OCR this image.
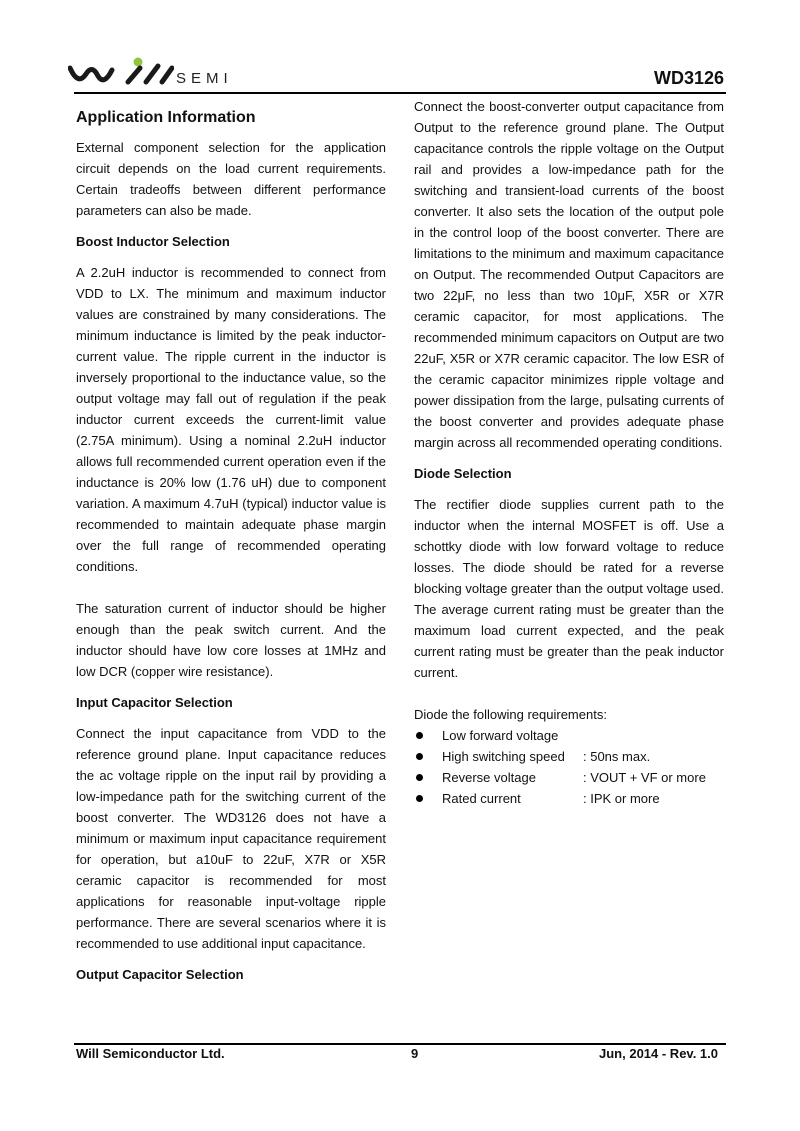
SEMI	WD3126
Application Information

External component selection for the application circuit depends on the load current requirements. Certain tradeoffs between different performance parameters can also be made.

Boost Inductor Selection

A 2.2uH inductor is recommended to connect from VDD to LX. The minimum and maximum inductor values are constrained by many considerations. The minimum inductance is limited by the peak inductor-current value. The ripple current in the inductor is inversely proportional to the inductance value, so the output voltage may fall out of regulation if the peak inductor current exceeds the current-limit value (2.75A minimum). Using a nominal 2.2uH inductor allows full recommended current operation even if the inductance is 20% low (1.76 uH) due to component variation. A maximum 4.7uH (typical) inductor value is recommended to maintain adequate phase margin over the full range of recommended operating conditions.

The saturation current of inductor should be higher enough than the peak switch current. And the inductor should have low core losses at 1MHz and low DCR (copper wire resistance).

Input Capacitor Selection

Connect the input capacitance from VDD to the reference ground plane. Input capacitance reduces the ac voltage ripple on the input rail by providing a low-impedance path for the switching current of the boost converter. The WD3126 does not have a minimum or maximum input capacitance requirement for operation, but a10uF to 22uF, X7R or X5R ceramic capacitor is recommended for most applications for reasonable input-voltage ripple performance. There are several scenarios where it is recommended to use additional input capacitance.

Output Capacitor Selection

Connect the boost-converter output capacitance from Output to the reference ground plane. The Output capacitance controls the ripple voltage on the Output rail and provides a low-impedance path for the switching and transient-load currents of the boost converter. It also sets the location of the output pole in the control loop of the boost converter. There are limitations to the minimum and maximum capacitance on Output. The recommended Output Capacitors are two 22μF, no less than two 10μF, X5R or X7R ceramic capacitor, for most applications. The recommended minimum capacitors on Output are two 22uF, X5R or X7R ceramic capacitor. The low ESR of the ceramic capacitor minimizes ripple voltage and power dissipation from the large, pulsating currents of the boost converter and provides adequate phase margin across all recommended operating conditions.

Diode Selection

The rectifier diode supplies current path to the inductor when the internal MOSFET is off. Use a schottky diode with low forward voltage to reduce losses. The diode should be rated for a reverse blocking voltage greater than the output voltage used. The average current rating must be greater than the maximum load current expected, and the peak current rating must be greater than the peak inductor current.

Diode the following requirements:

Low forward voltage
High switching speed : 50ns max.
Reverse voltage	: VOUT + VF or more
Rated current	: IPK or more
Will Semiconductor Ltd.	9	Jun, 2014 - Rev. 1.0
